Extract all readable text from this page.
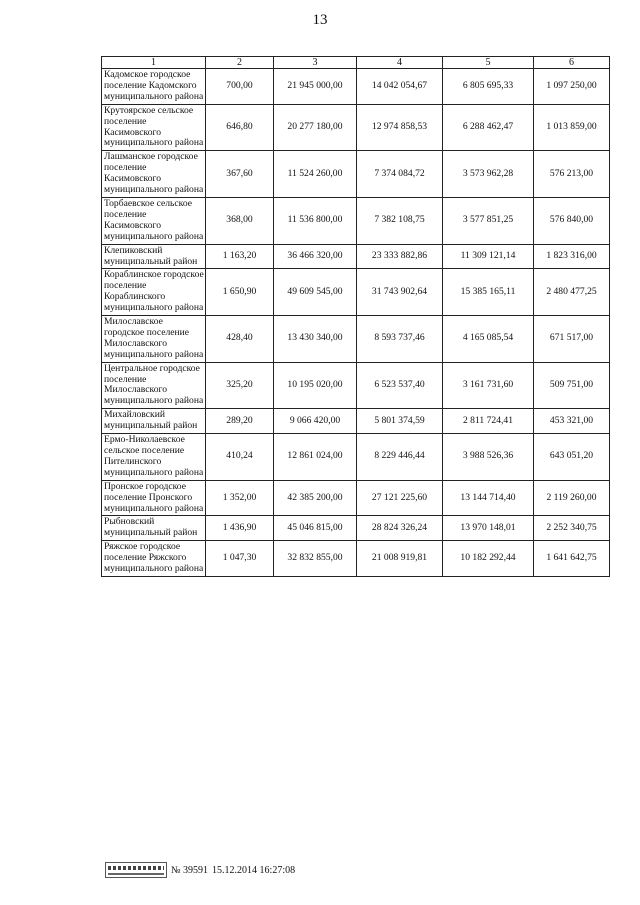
13
1	2	3	4	5	6
Кадомское городское поселение Кадомского муниципального района	700,00	21 945 000,00	14 042 054,67	6 805 695,33	1 097 250,00
Крутоярское сельское поселение Касимовского муниципального района	646,80	20 277 180,00	12 974 858,53	6 288 462,47	1 013 859,00
Лашманское городское поселение Касимовского муниципального района	367,60	11 524 260,00	7 374 084,72	3 573 962,28	576 213,00
Торбаевское сельское поселение Касимовского муниципального района	368,00	11 536 800,00	7 382 108,75	3 577 851,25	576 840,00
Клепиковский муниципальный район	1 163,20	36 466 320,00	23 333 882,86	11 309 121,14	1 823 316,00
Кораблинское городское поселение Кораблинского муниципального района	1 650,90	49 609 545,00	31 743 902,64	15 385 165,11	2 480 477,25
Милославское городское поселение Милославского муниципального района	428,40	13 430 340,00	8 593 737,46	4 165 085,54	671 517,00
Центральное городское поселение Милославского муниципального района	325,20	10 195 020,00	6 523 537,40	3 161 731,60	509 751,00
Михайловский муниципальный район	289,20	9 066 420,00	5 801 374,59	2 811 724,41	453 321,00
Ермо-Николаевское сельское поселение Пителинского муниципального района	410,24	12 861 024,00	8 229 446,44	3 988 526,36	643 051,20
Пронское городское поселение Пронского муниципального района	1 352,00	42 385 200,00	27 121 225,60	13 144 714,40	2 119 260,00
Рыбновский муниципальный район	1 436,90	45 046 815,00	28 824 326,24	13 970 148,01	2 252 340,75
Ряжское городское поселение Ряжского муниципального района	1 047,30	32 832 855,00	21 008 919,81	10 182 292,44	1 641 642,75
№ 39591 15.12.2014 16:27:08
